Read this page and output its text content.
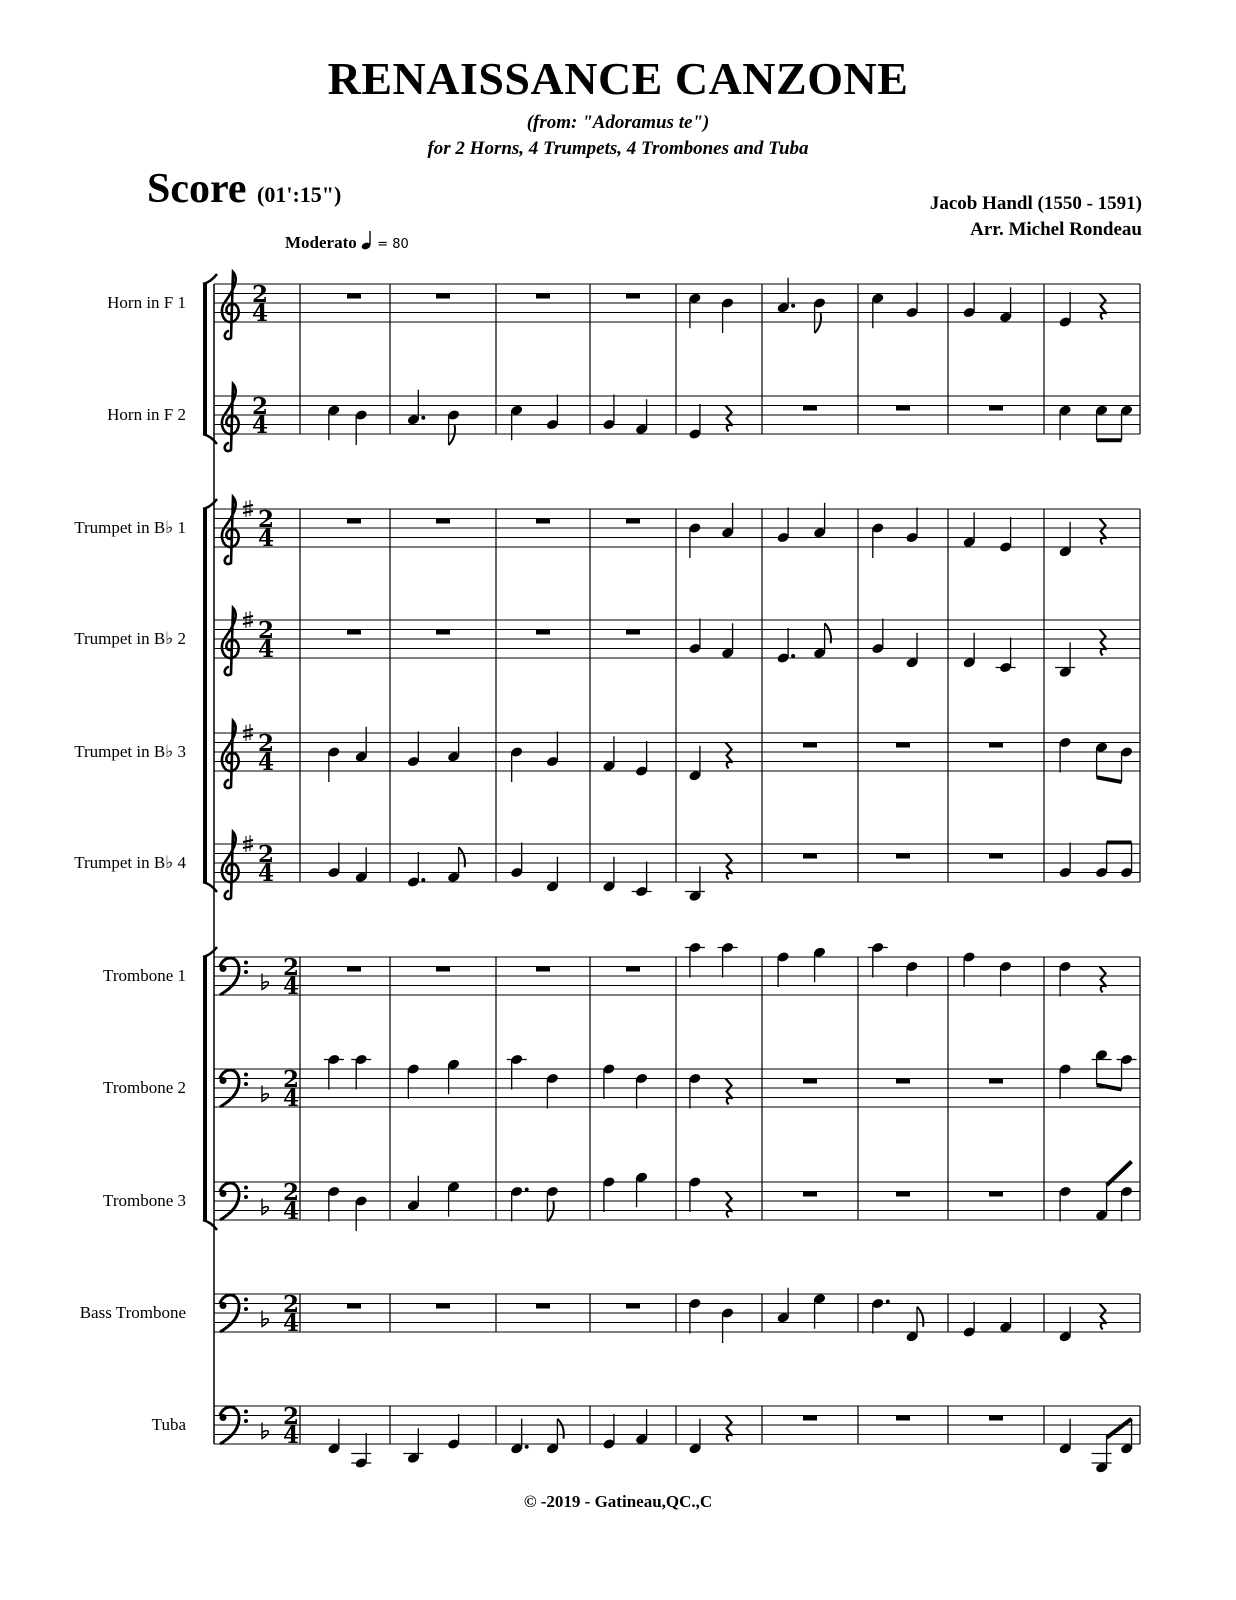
RENAISSANCE CANZONE
(from: "Adoramus te")
for 2 Horns, 4 Trumpets, 4 Trombones and Tuba
Score (01':15")	Jacob Handl (1550 - 1591)
Arr. Michel Rondeau
Moderato = 80
Horn in F 1
Horn in F 2
Trumpet in B♭ 1
Trumpet in B♭ 2
Trumpet in B♭ 3
Trumpet in B♭ 4
Trombone 1
Trombone 2
Trombone 3
Bass Trombone
Tuba
2
4
2
4
2
4
2
4
2
4
2
4
2
4
2
4
2
4
2
4
2
4
© -2019 - Gatineau,QC.,C
